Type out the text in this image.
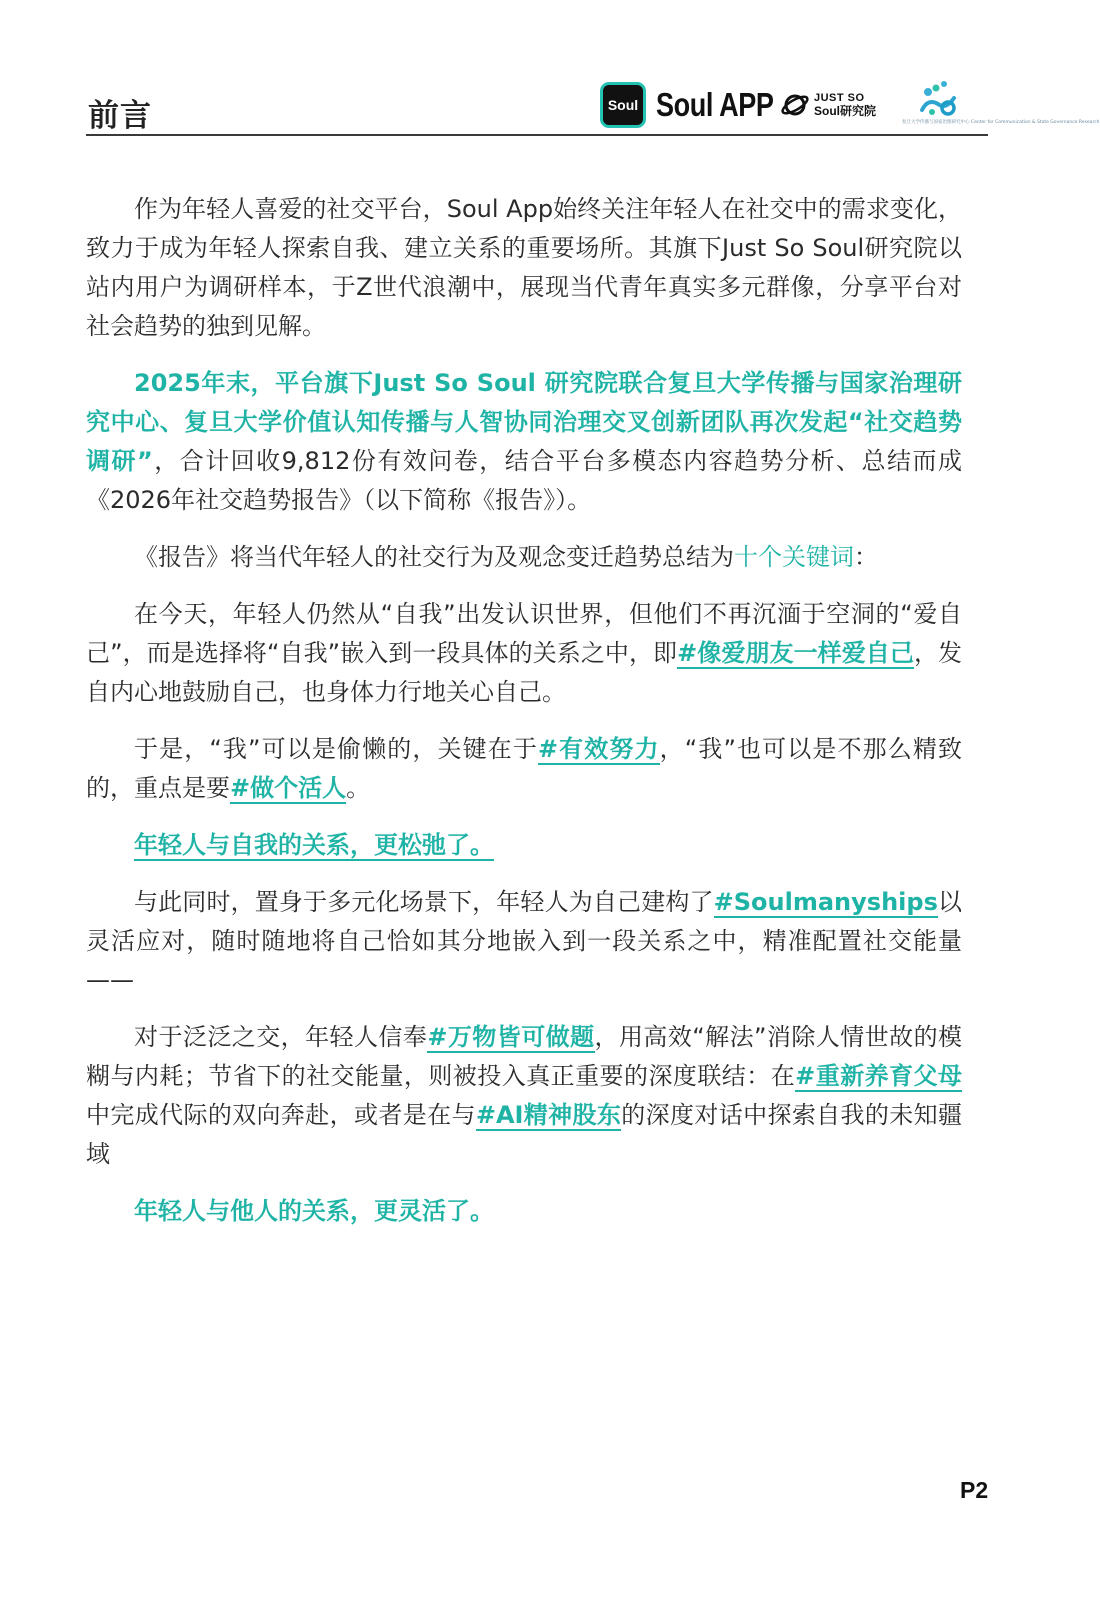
前言	Soul Soul APP	JUST SO
Soul研究院
复旦大学传播与国家治理研究中心 Center for Communication & State Governance Research

作为年轻人喜爱的社交平台，Soul App始终关注年轻人在社交中的需求变化，致力于成为年轻人探索自我、建立关系的重要场所。其旗下Just So Soul研究院以站内用户为调研样本，于Z世代浪潮中，展现当代青年真实多元群像，分享平台对社会趋势的独到见解。

2025年末，平台旗下Just So Soul 研究院联合复旦大学传播与国家治理研究中心、复旦大学价值认知传播与人智协同治理交叉创新团队再次发起“社交趋势调研”，合计回收9,812份有效问卷，结合平台多模态内容趋势分析、总结而成《2026年社交趋势报告》（以下简称《报告》）。

《报告》将当代年轻人的社交行为及观念变迁趋势总结为十个关键词：

在今天，年轻人仍然从“自我”出发认识世界，但他们不再沉湎于空洞的“爱自己”，而是选择将“自我”嵌入到一段具体的关系之中，即#像爱朋友一样爱自己，发自内心地鼓励自己，也身体力行地关心自己。

于是，“我”可以是偷懒的，关键在于#有效努力，“我”也可以是不那么精致的，重点是要#做个活人。

年轻人与自我的关系，更松弛了。

与此同时，置身于多元化场景下，年轻人为自己建构了#Soulmanyships以灵活应对，随时随地将自己恰如其分地嵌入到一段关系之中，精准配置社交能量——

对于泛泛之交，年轻人信奉#万物皆可做题，用高效“解法”消除人情世故的模糊与内耗；节省下的社交能量，则被投入真正重要的深度联结：在#重新养育父母中完成代际的双向奔赴，或者是在与#AI精神股东的深度对话中探索自我的未知疆域

年轻人与他人的关系，更灵活了。

P2
